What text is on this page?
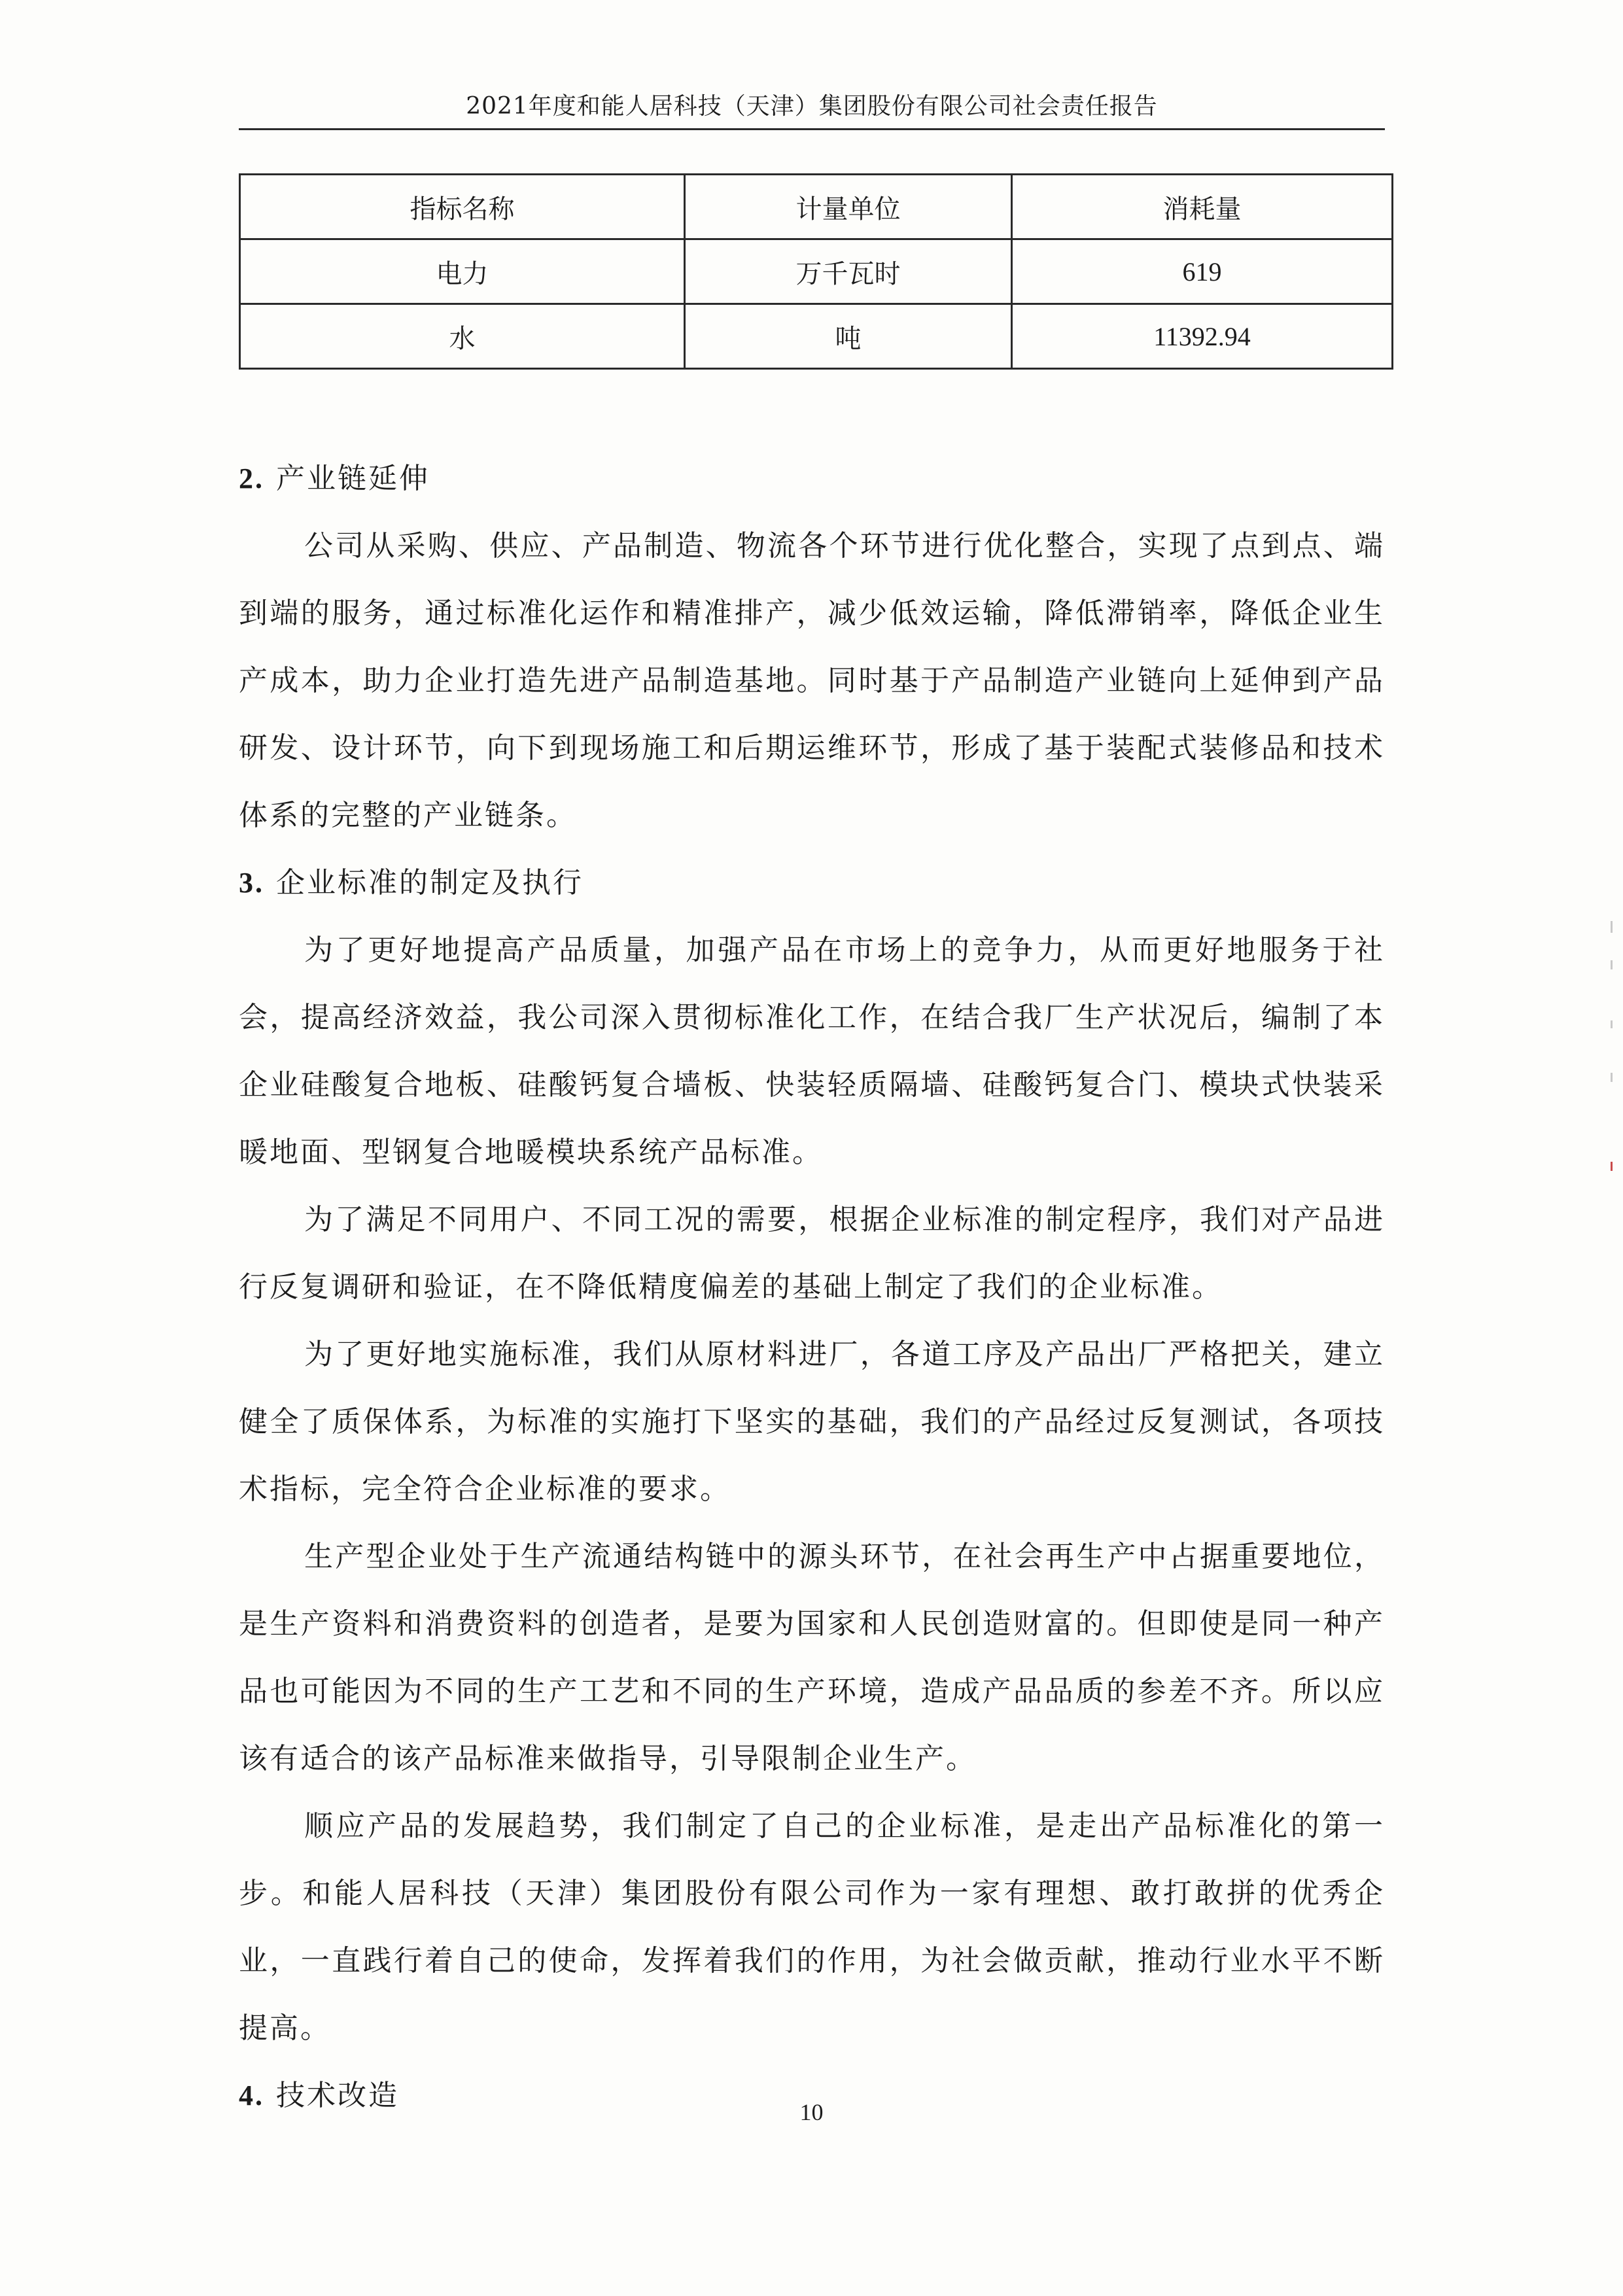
2021年度和能人居科技（天津）集团股份有限公司社会责任报告
指标名称	计量单位	消耗量
电力	万千瓦时	619
水	吨	11392.94
2. 产业链延伸

公司从采购、供应、产品制造、物流各个环节进行优化整合，实现了点到点、端到端的服务，通过标准化运作和精准排产，减少低效运输，降低滞销率，降低企业生产成本，助力企业打造先进产品制造基地。同时基于产品制造产业链向上延伸到产品研发、设计环节，向下到现场施工和后期运维环节，形成了基于装配式装修品和技术体系的完整的产业链条。

3. 企业标准的制定及执行

为了更好地提高产品质量，加强产品在市场上的竞争力，从而更好地服务于社会，提高经济效益，我公司深入贯彻标准化工作，在结合我厂生产状况后，编制了本企业硅酸复合地板、硅酸钙复合墙板、快装轻质隔墙、硅酸钙复合门、模块式快装采暖地面、型钢复合地暖模块系统产品标准。

为了满足不同用户、不同工况的需要，根据企业标准的制定程序，我们对产品进行反复调研和验证，在不降低精度偏差的基础上制定了我们的企业标准。

为了更好地实施标准，我们从原材料进厂，各道工序及产品出厂严格把关，建立健全了质保体系，为标准的实施打下坚实的基础，我们的产品经过反复测试，各项技术指标，完全符合企业标准的要求。

生产型企业处于生产流通结构链中的源头环节，在社会再生产中占据重要地位，是生产资料和消费资料的创造者，是要为国家和人民创造财富的。但即使是同一种产品也可能因为不同的生产工艺和不同的生产环境，造成产品品质的参差不齐。所以应该有适合的该产品标准来做指导，引导限制企业生产。

顺应产品的发展趋势，我们制定了自己的企业标准，是走出产品标准化的第一步。和能人居科技（天津）集团股份有限公司作为一家有理想、敢打敢拼的优秀企业，一直践行着自己的使命，发挥着我们的作用，为社会做贡献，推动行业水平不断提高。

4. 技术改造	10
